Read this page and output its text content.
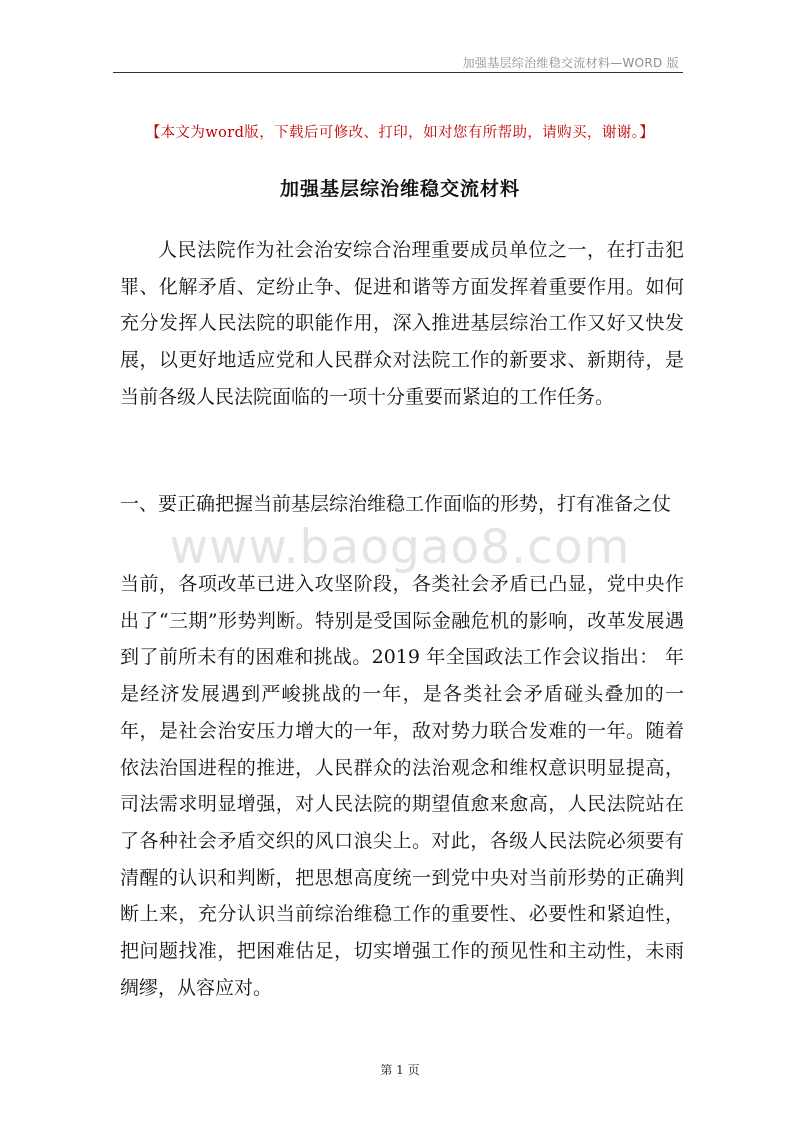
加强基层综治维稳交流材料—WORD 版
【本文为word版，下载后可修改、打印，如对您有所帮助，请购买，谢谢。】
加强基层综治维稳交流材料

人民法院作为社会治安综合治理重要成员单位之一，在打击犯罪、化解矛盾、定纷止争、促进和谐等方面发挥着重要作用。如何充分发挥人民法院的职能作用，深入推进基层综治工作又好又快发展，以更好地适应党和人民群众对法院工作的新要求、新期待，是当前各级人民法院面临的一项十分重要而紧迫的工作任务。

一、要正确把握当前基层综治维稳工作面临的形势，打有准备之仗

www.baogao8.com

当前，各项改革已进入攻坚阶段，各类社会矛盾已凸显，党中央作出了“三期”形势判断。特别是受国际金融危机的影响，改革发展遇到了前所未有的困难和挑战。2019 年全国政法工作会议指出： 年是经济发展遇到严峻挑战的一年，是各类社会矛盾碰头叠加的一年，是社会治安压力增大的一年，敌对势力联合发难的一年。随着依法治国进程的推进，人民群众的法治观念和维权意识明显提高，司法需求明显增强，对人民法院的期望值愈来愈高，人民法院站在了各种社会矛盾交织的风口浪尖上。对此，各级人民法院必须要有清醒的认识和判断，把思想高度统一到党中央对当前形势的正确判断上来，充分认识当前综治维稳工作的重要性、必要性和紧迫性，把问题找准，把困难估足，切实增强工作的预见性和主动性，未雨绸缪，从容应对。

第 1 页
